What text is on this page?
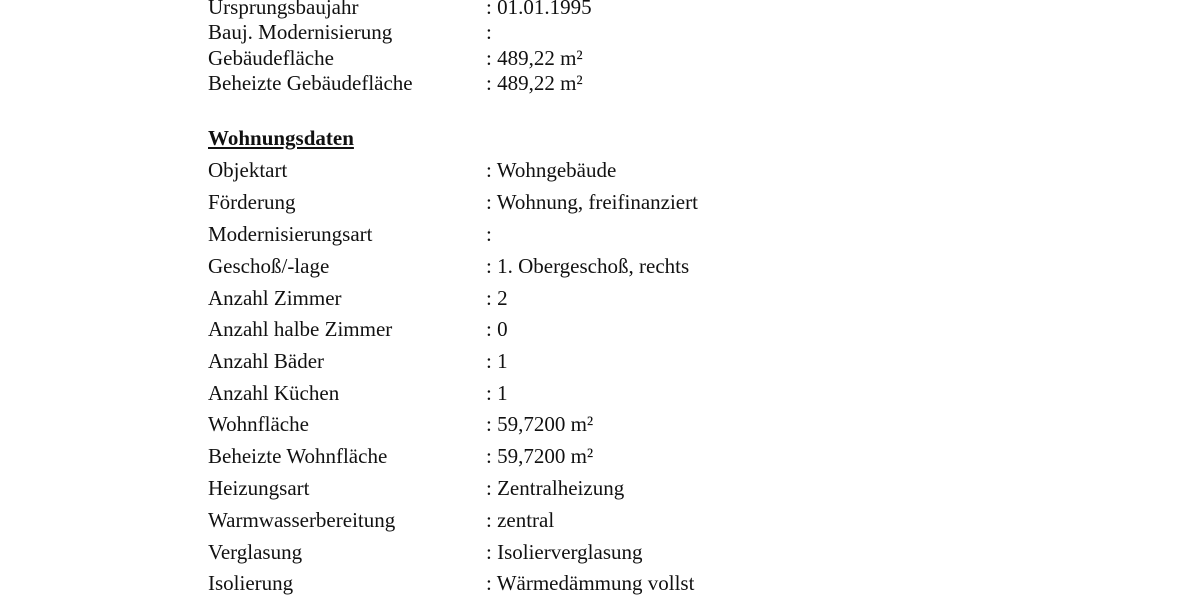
Ursprungsbaujahr	: 01.01.1995
Bauj. Modernisierung	:
Gebäudefläche	: 489,22 m²
Beheizte Gebäudefläche	: 489,22 m²
Wohnungsdaten
Objektart	: Wohngebäude
Förderung	: Wohnung, freifinanziert
Modernisierungsart	:
Geschoß/-lage	: 1. Obergeschoß, rechts
Anzahl Zimmer	: 2
Anzahl halbe Zimmer	: 0
Anzahl Bäder	: 1
Anzahl Küchen	: 1
Wohnfläche	: 59,7200 m²
Beheizte Wohnfläche	: 59,7200 m²
Heizungsart	: Zentralheizung
Warmwasserbereitung	: zentral
Verglasung	: Isolierverglasung
Isolierung	: Wärmedämmung vollst
